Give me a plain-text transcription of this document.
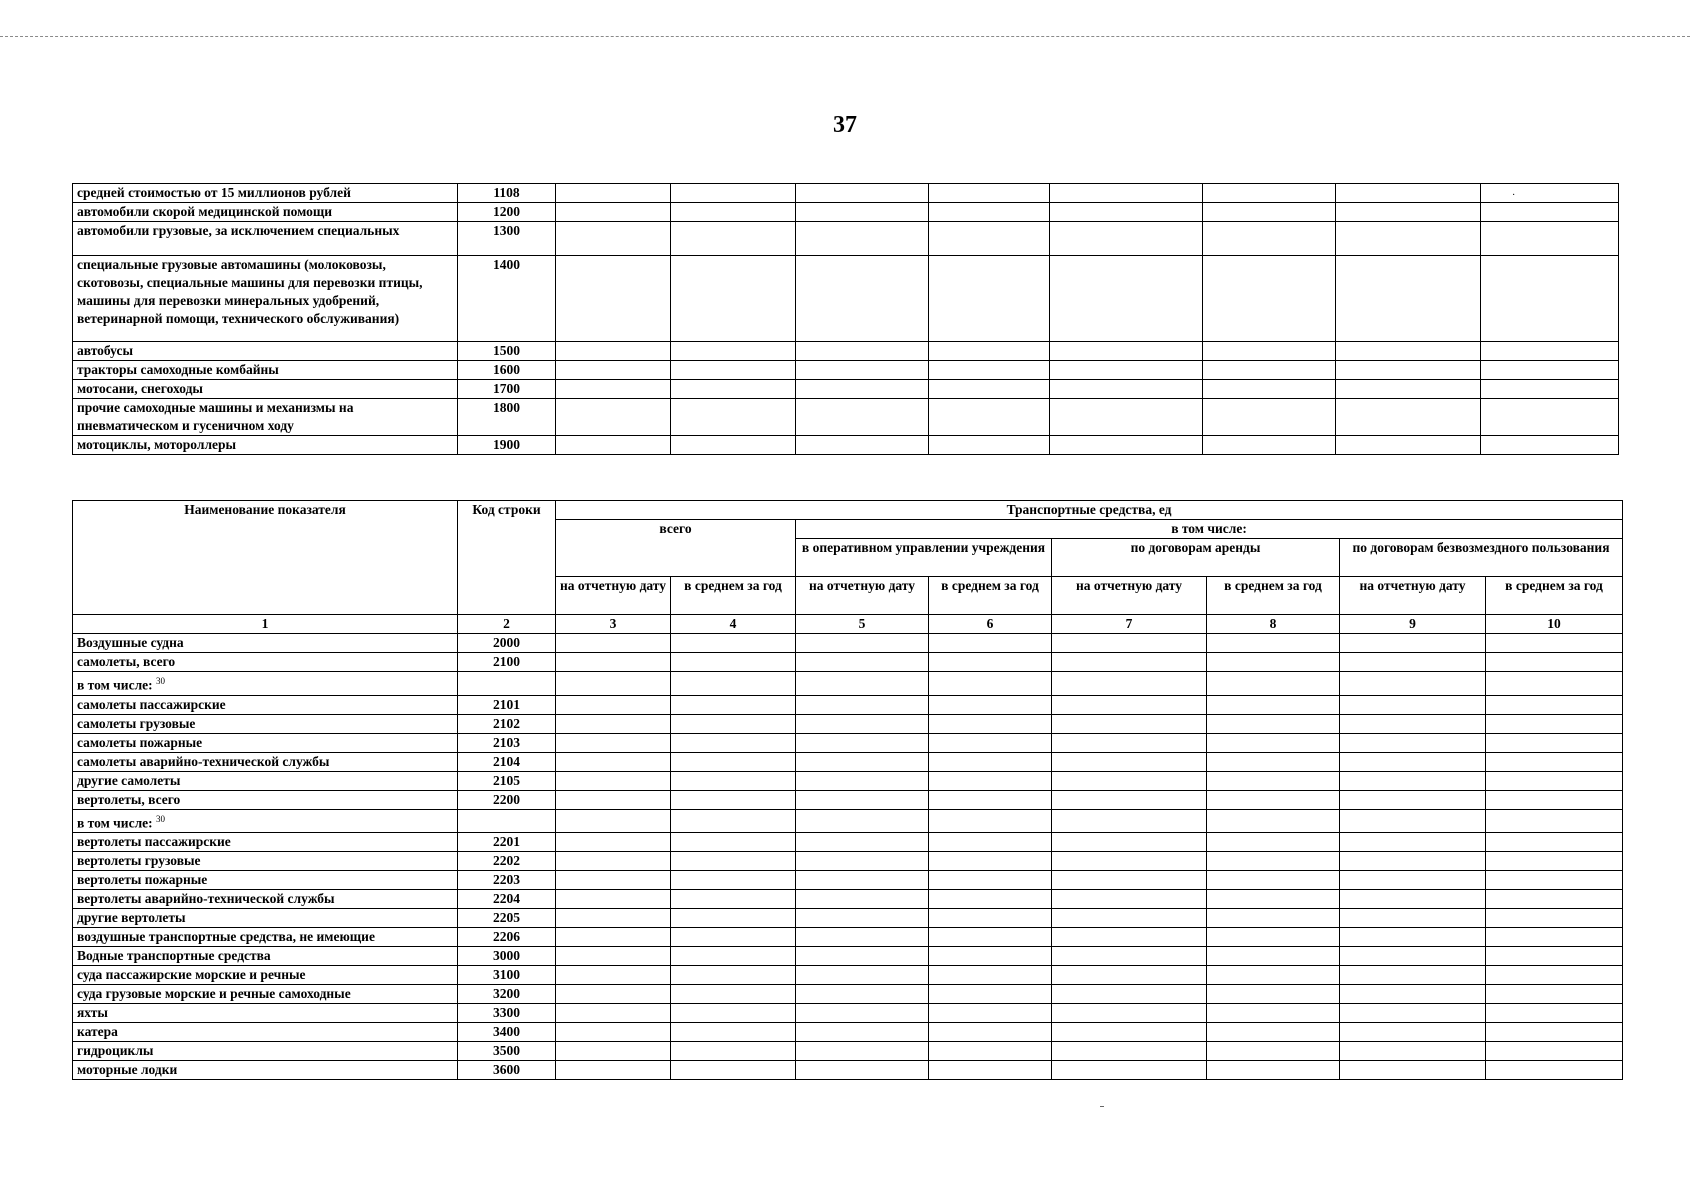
37
·
средней стоимостью от 15 миллионов рублей	1108								
автомобили скорой медицинской помощи	1200								
автомобили грузовые, за исключением специальных	1300								
специальные грузовые автомашины (молоковозы, скотовозы, специальные машины для перевозки птицы, машины для перевозки минеральных удобрений, ветеринарной помощи, технического обслуживания)	1400								
автобусы	1500								
тракторы самоходные комбайны	1600								
мотосани, снегоходы	1700								
прочие самоходные машины и механизмы на пневматическом и гусеничном ходу	1800								
мотоциклы, мотороллеры	1900								
Наименование показателя	Код строки	Транспортные средства, ед							
		всего		в том числе:					
				в оперативном управлении учреждения		по договорам аренды		по договорам безвозмездного пользования	
		на отчетную дату	в среднем за год	на отчетную дату	в среднем за год	на отчетную дату	в среднем за год	на отчетную дату	в среднем за год
1	2	3	4	5	6	7	8	9	10
Воздушные судна	2000								
самолеты, всего	2100								
в том числе: $^{30}$									
самолеты пассажирские	2101								
самолеты грузовые	2102								
самолеты пожарные	2103								
самолеты аварийно-технической службы	2104								
другие самолеты	2105								
вертолеты, всего	2200								
в том числе: $^{30}$									
вертолеты пассажирские	2201								
вертолеты грузовые	2202								
вертолеты пожарные	2203								
вертолеты аварийно-технической службы	2204								
другие вертолеты	2205								
воздушные транспортные средства, не имеющие	2206								
Водные транспортные средства	3000								
суда пассажирские морские и речные	3100								
суда грузовые морские и речные самоходные	3200								
яхты	3300								
катера	3400								
гидроциклы	3500								
моторные лодки	3600								
